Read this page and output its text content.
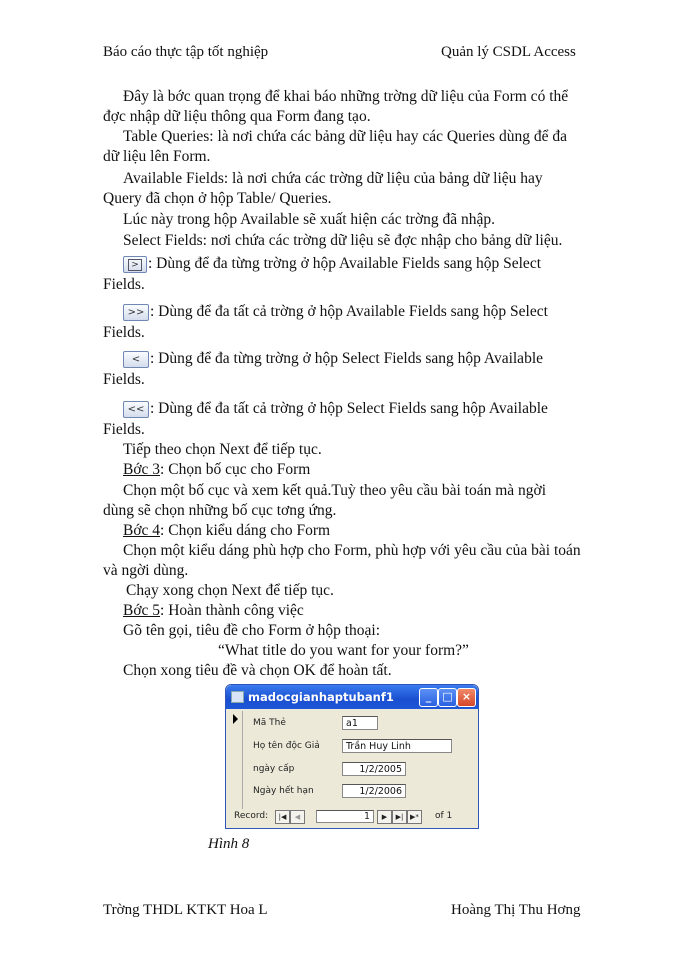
Báo cáo thực tập tốt nghiệp	Quản lý CSDL Access
Đây là bớc quan trọng để khai báo những trờng dữ liệu của Form có thể
đợc nhập dữ liệu thông qua Form đang tạo.
Table Queries: là nơi chứa các bảng dữ liệu hay các Queries dùng để đa
dữ liệu lên Form.
Available Fields: là nơi chứa các trờng dữ liệu của bảng dữ liệu hay
Query đã chọn ở hộp Table/ Queries.
Lúc này trong hộp Available sẽ xuất hiện các trờng đã nhập.
Select Fields: nơi chứa các trờng dữ liệu sẽ đợc nhập cho bảng dữ liệu.
> : Dùng để đa từng trờng ở hộp Available Fields sang hộp Select
Fields.
>> : Dùng để đa tất cả trờng ở hộp Available Fields sang hộp Select
Fields.
< : Dùng để đa từng trờng ở hộp Select Fields sang hộp Available
Fields.
<< : Dùng để đa tất cả trờng ở hộp Select Fields sang hộp Available
Fields.
Tiếp theo chọn Next để tiếp tục.
Bớc 3: Chọn bố cục cho Form
Chọn một bố cục và xem kết quả.Tuỳ theo yêu cầu bài toán mà ngời
dùng sẽ chọn những bố cục tơng ứng.
Bớc 4: Chọn kiểu dáng cho Form
Chọn một kiểu dáng phù hợp cho Form, phù hợp với yêu cầu của bài toán
và ngời dùng.
Chạy xong chọn Next để tiếp tục.
Bớc 5: Hoàn thành công việc
Gõ tên gọi, tiêu đề cho Form ở hộp thoại:
“What title do you want for your form?”
Chọn xong tiêu đề và chọn OK để hoàn tất.
madocgianhaptubanf1	_	□ ×
Mã Thẻ	a1
Họ tên độc Giả	Trần Huy Linh
ngày cấp	1/2/2005
Ngày hết hạn	1/2/2006
Record:	|◀	◀	1	▶	▶| ▶*	of 1
Hình 8
Trờng THDL KTKT Hoa L	Hoàng Thị Thu Hơng
